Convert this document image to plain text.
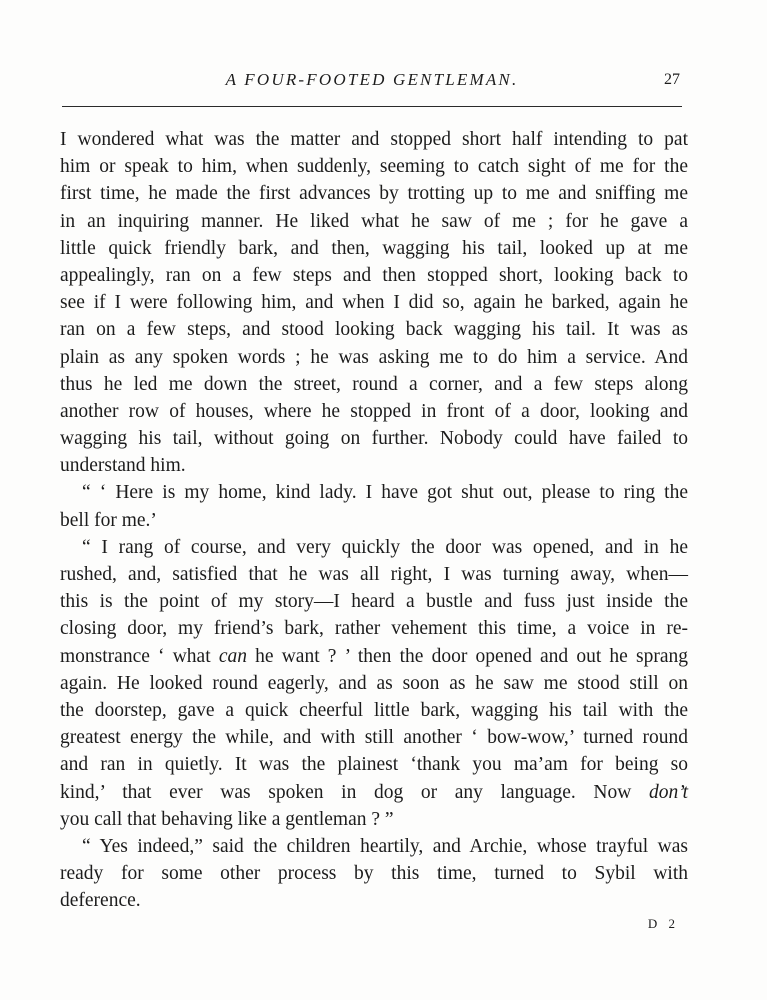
A FOUR-FOOTED GENTLEMAN.	27
I wondered what was the matter and stopped short half intending to pat
him or speak to him, when suddenly, seeming to catch sight of me for the
first time, he made the first advances by trotting up to me and sniffing me
in an inquiring manner. He liked what he saw of me ; for he gave a
little quick friendly bark, and then, wagging his tail, looked up at me
appealingly, ran on a few steps and then stopped short, looking back to
see if I were following him, and when I did so, again he barked, again he
ran on a few steps, and stood looking back wagging his tail. It was as
plain as any spoken words ; he was asking me to do him a service. And
thus he led me down the street, round a corner, and a few steps along
another row of houses, where he stopped in front of a door, looking and
wagging his tail, without going on further. Nobody could have failed to
understand him.
“ ‘ Here is my home, kind lady. I have got shut out, please to ring the
bell for me.’
“ I rang of course, and very quickly the door was opened, and in he
rushed, and, satisfied that he was all right, I was turning away, when—
this is the point of my story—I heard a bustle and fuss just inside the
closing door, my friend’s bark, rather vehement this time, a voice in re-
monstrance ‘ what can he want ? ’ then the door opened and out he sprang
again. He looked round eagerly, and as soon as he saw me stood still on
the doorstep, gave a quick cheerful little bark, wagging his tail with the
greatest energy the while, and with still another ‘ bow-wow,’ turned round
and ran in quietly. It was the plainest ‘thank you ma’am for being so
kind,’ that ever was spoken in dog or any language. Now don’t
you call that behaving like a gentleman ? ”
“ Yes indeed,” said the children heartily, and Archie, whose trayful was
ready for some other process by this time, turned to Sybil with
deference.
D 2
